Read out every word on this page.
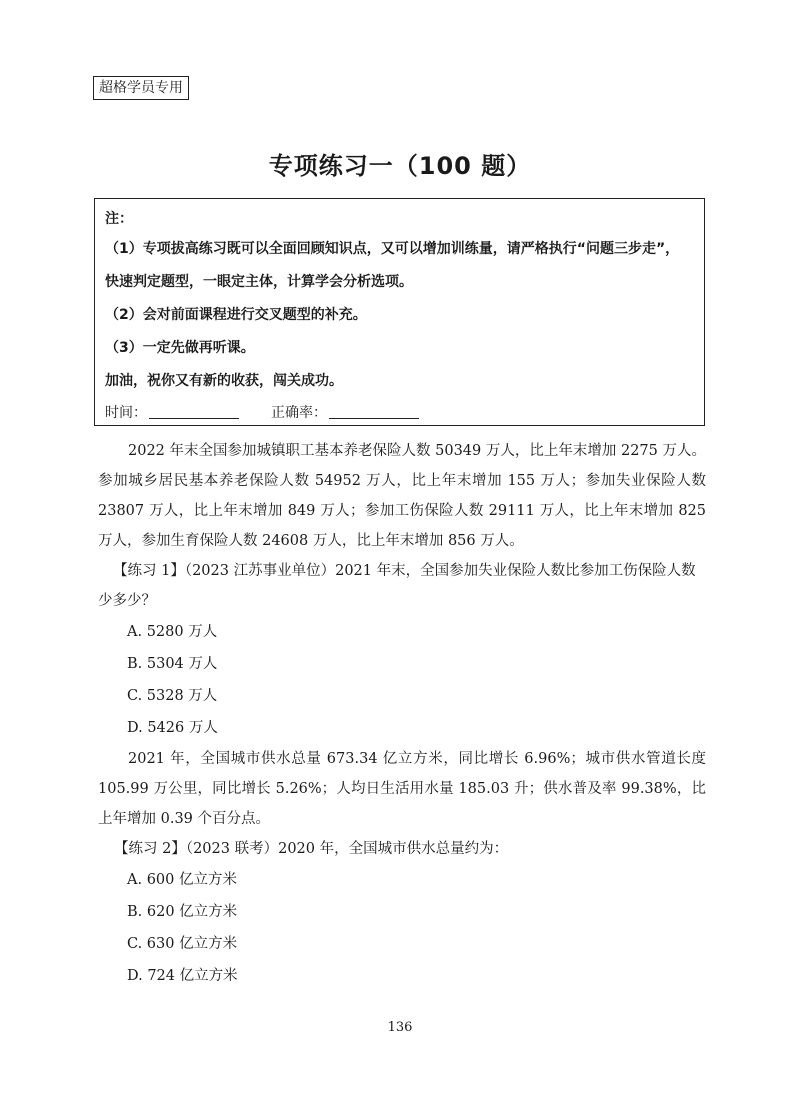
超格学员专用
专项练习一（100 题）
注：
（1）专项拔高练习既可以全面回顾知识点，又可以增加训练量，请严格执行“问题三步走”，
快速判定题型，一眼定主体，计算学会分析选项。
（2）会对前面课程进行交叉题型的补充。
（3）一定先做再听课。
加油，祝你又有新的收获，闯关成功。
时间：	正确率：

2022 年末全国参加城镇职工基本养老保险人数 50349 万人，比上年末增加 2275 万人。参加城乡居民基本养老保险人数 54952 万人，比上年末增加 155 万人；参加失业保险人数 23807 万人，比上年末增加 849 万人；参加工伤保险人数 29111 万人，比上年末增加 825 万人，参加生育保险人数 24608 万人，比上年末增加 856 万人。

【练习 1】（2023 江苏事业单位）2021 年末，全国参加失业保险人数比参加工伤保险人数少多少？

A. 5280 万人

B. 5304 万人

C. 5328 万人

D. 5426 万人

2021 年，全国城市供水总量 673.34 亿立方米，同比增长 6.96%；城市供水管道长度 105.99 万公里，同比增长 5.26%；人均日生活用水量 185.03 升；供水普及率 99.38%，比上年增加 0.39 个百分点。

【练习 2】（2023 联考）2020 年，全国城市供水总量约为：

A. 600 亿立方米

B. 620 亿立方米

C. 630 亿立方米

D. 724 亿立方米

136
